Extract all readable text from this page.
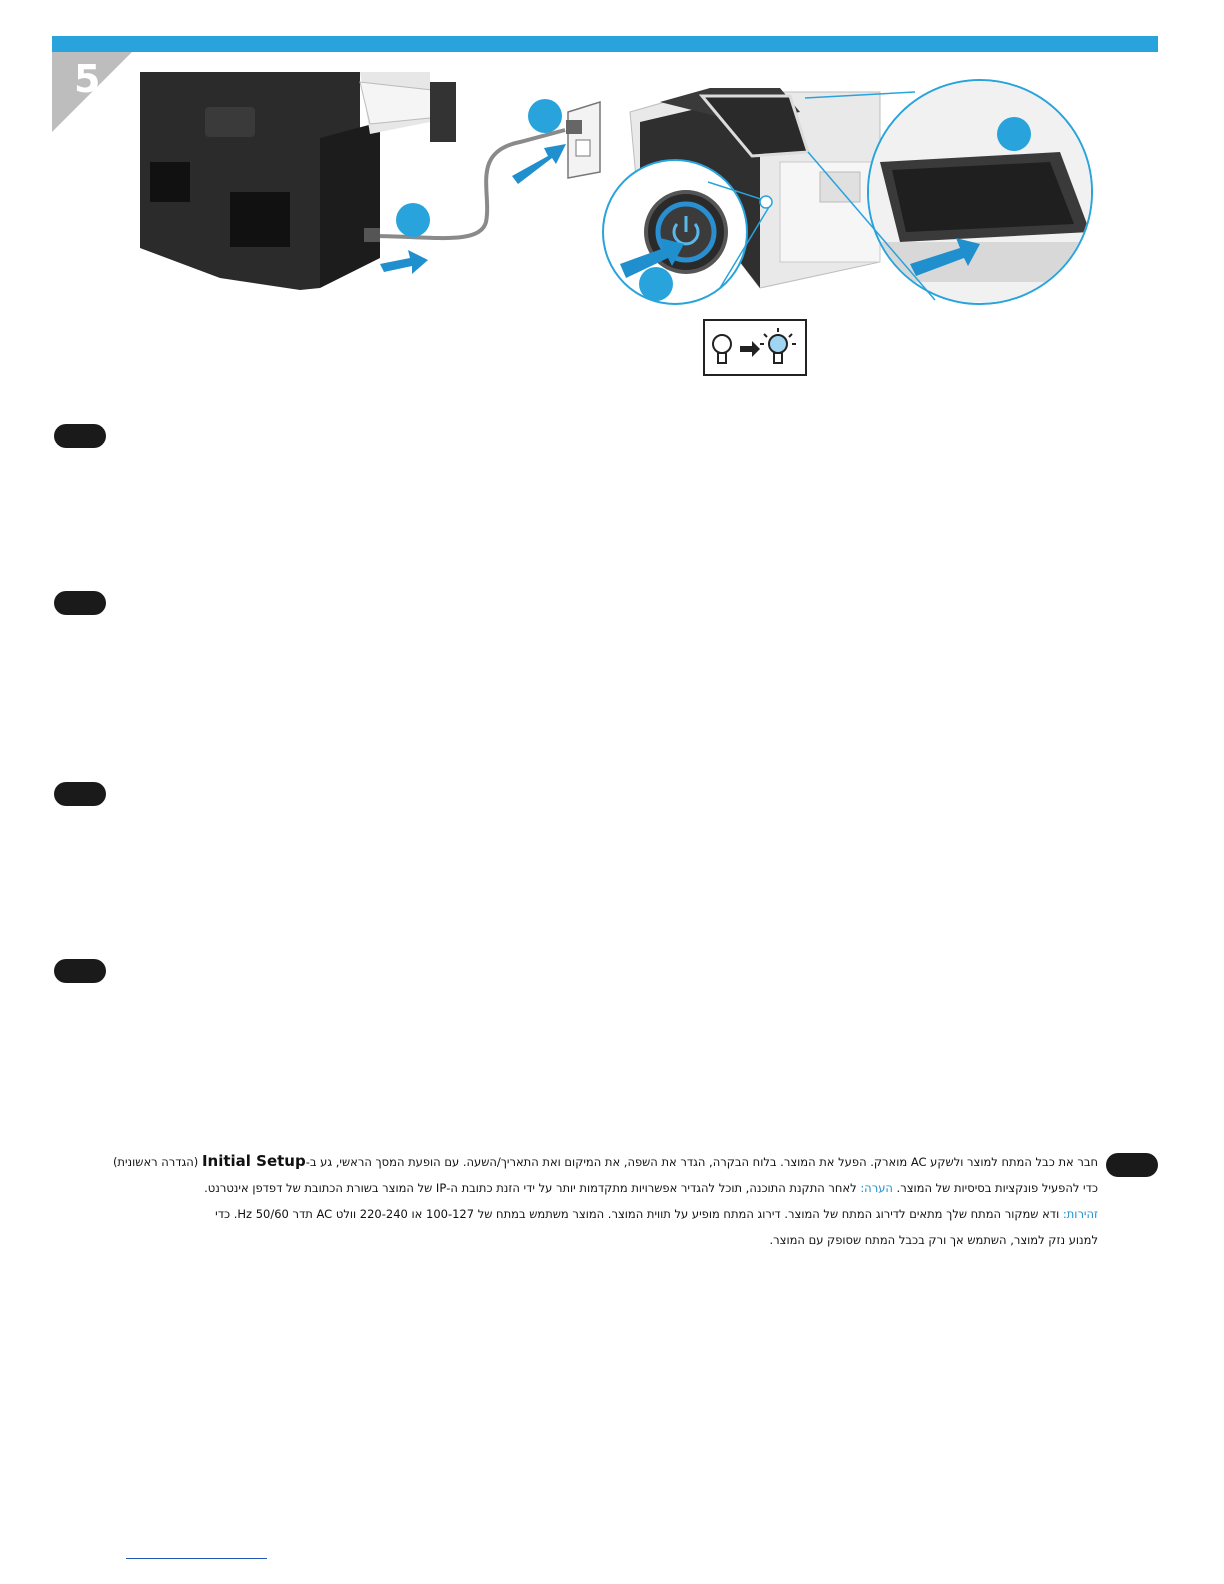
5
חבר את כבל המתח למוצר ולשקע AC מוארק. הפעל את המוצר. בלוח הבקרה, הגדר את השפה, את המיקום ואת התאריך/השעה. עם הופעת המסך הראשי, גע ב-Initial Setup (הגדרה ראשונית)
כדי להפעיל פונקציות בסיסיות של המוצר. הערה: לאחר התקנת התוכנה, תוכל להגדיר אפשרויות מתקדמות יותר על ידי הזנת כתובת ה-IP של המוצר בשורת הכתובת של דפדפן אינטרנט.
זהירות: ודא שמקור המתח שלך מתאים לדירוג המתח של המוצר. דירוג המתח מופיע על תווית המוצר. המוצר משתמש במתח של 100-127 או 220-240 וולט AC תדר 50/60 Hz. כדי
למנוע נזק למוצר, השתמש אך ורק בכבל המתח שסופק עם המוצר.
